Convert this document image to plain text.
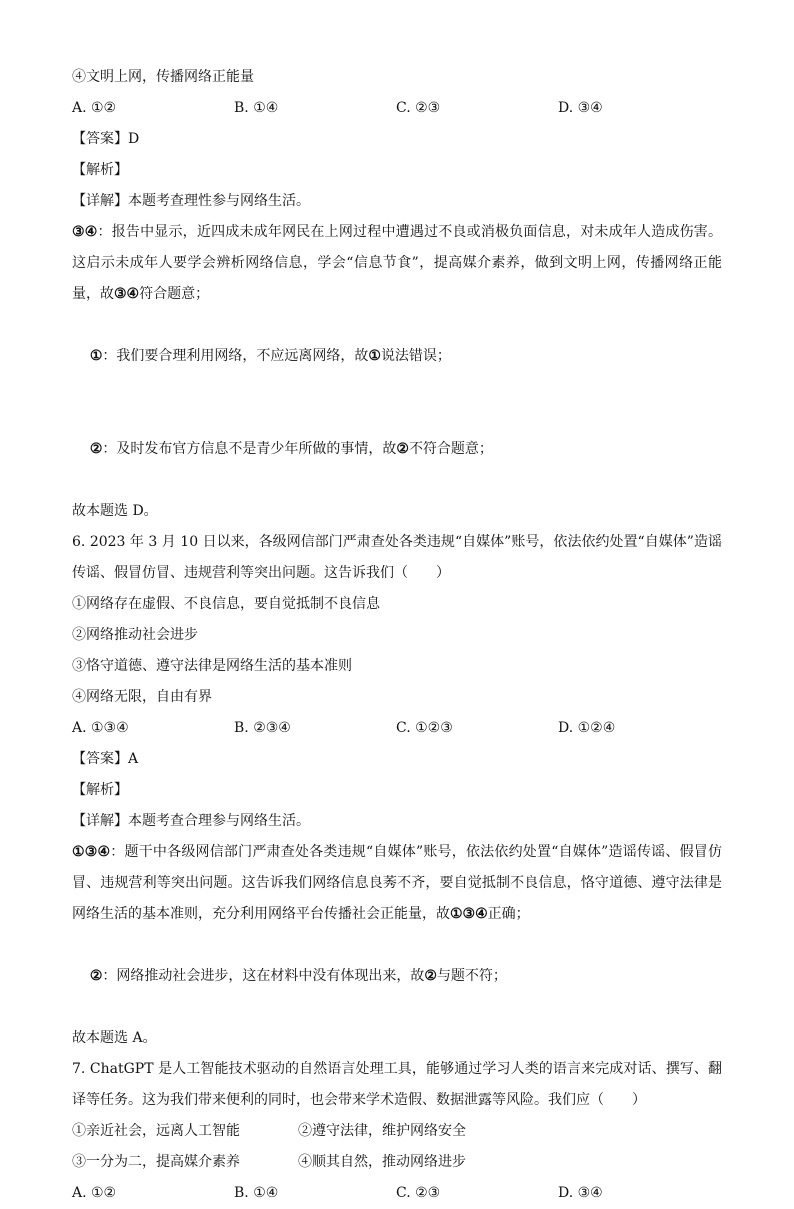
④文明上网，传播网络正能量
A. ①②	B. ①④	C. ②③	D. ③④
【答案】D
【解析】
【详解】本题考查理性参与网络生活。
③④：报告中显示，近四成未成年网民在上网过程中遭遇过不良或消极负面信息，对未成年人造成伤害。这启示未成年人要学会辨析网络信息，学会“信息节食”，提高媒介素养，做到文明上网，传播网络正能量，故③④符合题意；

①：我们要合理利用网络，不应远离网络，故①说法错误；

②：及时发布官方信息不是青少年所做的事情，故②不符合题意；

故本题选 D。
6. 2023 年 3 月 10 日以来，各级网信部门严肃查处各类违规“自媒体”账号，依法依约处置“自媒体”造谣传谣、假冒仿冒、违规营利等突出问题。这告诉我们（　　）
①网络存在虚假、不良信息，要自觉抵制不良信息
②网络推动社会进步
③恪守道德、遵守法律是网络生活的基本准则
④网络无限，自由有界
A. ①③④	B. ②③④	C. ①②③	D. ①②④
【答案】A
【解析】
【详解】本题考查合理参与网络生活。
①③④：题干中各级网信部门严肃查处各类违规“自媒体”账号，依法依约处置“自媒体”造谣传谣、假冒仿冒、违规营利等突出问题。这告诉我们网络信息良莠不齐，要自觉抵制不良信息，恪守道德、遵守法律是网络生活的基本准则，充分利用网络平台传播社会正能量，故①③④正确；

②：网络推动社会进步，这在材料中没有体现出来，故②与题不符；

故本题选 A。
7. ChatGPT 是人工智能技术驱动的自然语言处理工具，能够通过学习人类的语言来完成对话、撰写、翻译等任务。这为我们带来便利的同时，也会带来学术造假、数据泄露等风险。我们应（　　）
①亲近社会，远离人工智能	②遵守法律，维护网络安全
③一分为二，提高媒介素养	④顺其自然，推动网络进步
A. ①②	B. ①④	C. ②③	D. ③④
